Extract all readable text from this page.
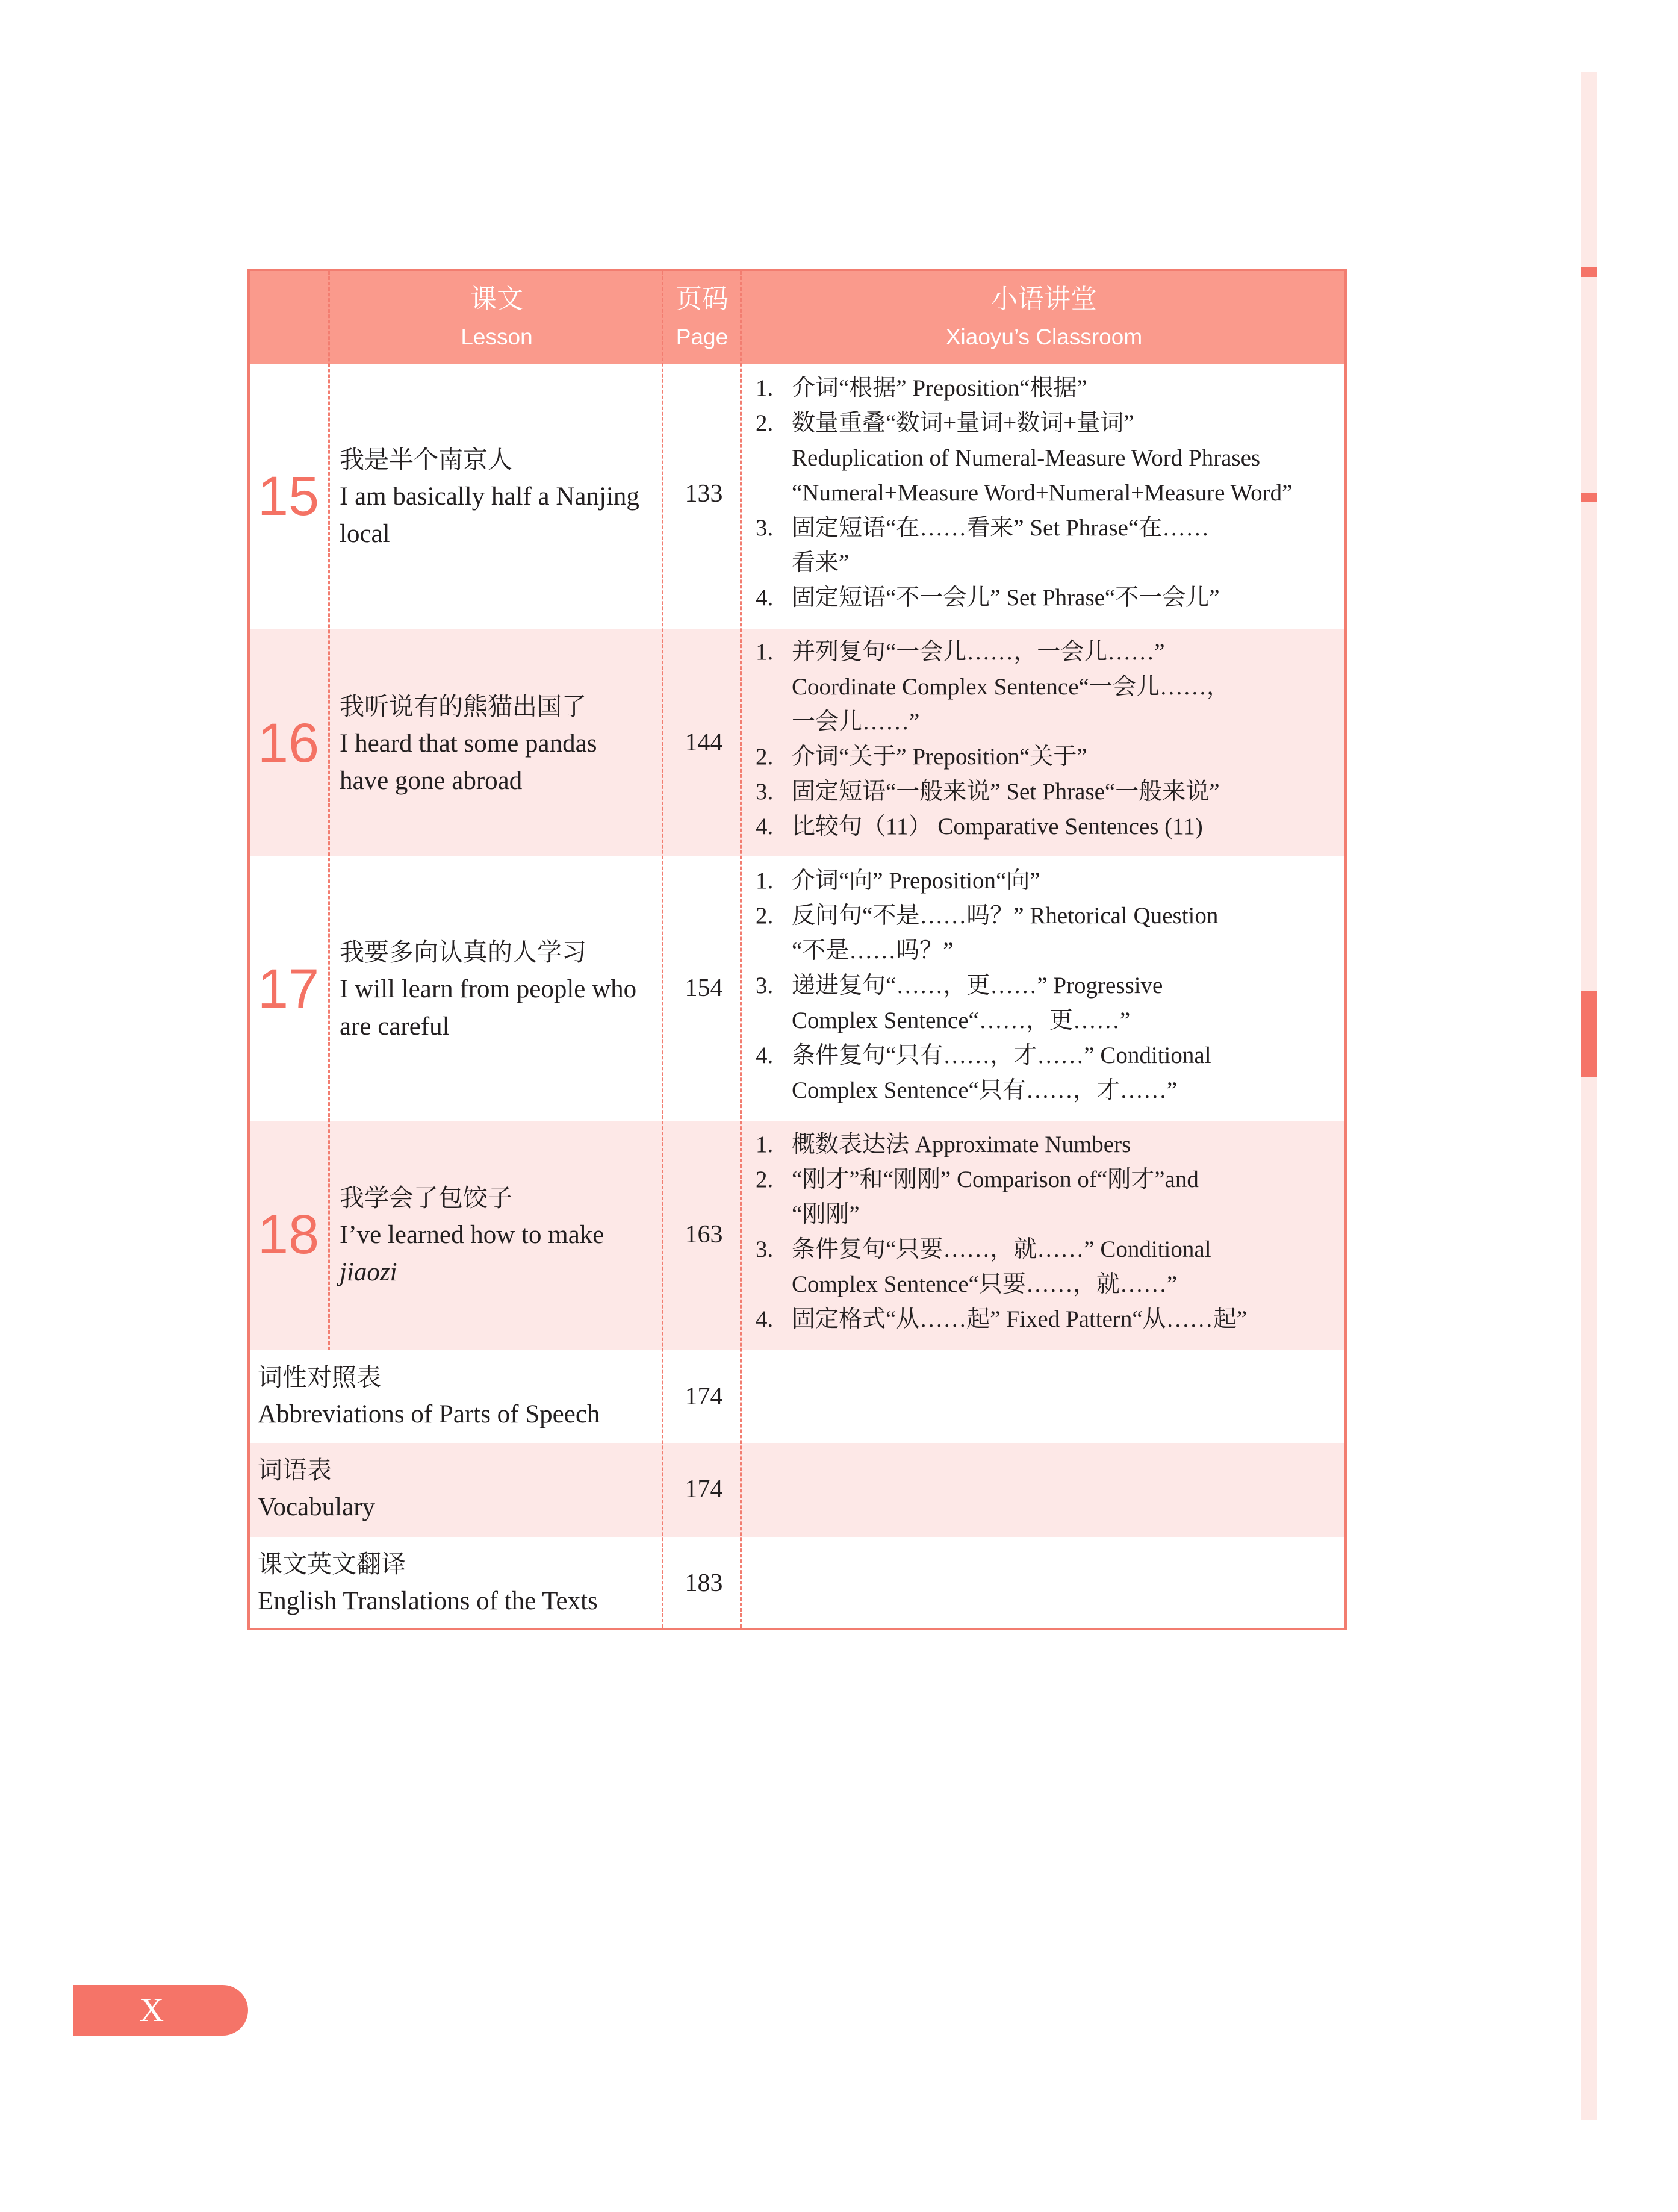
课文
Lesson
页码
Page
小语讲堂
Xiaoyu’s Classroom
15
我是半个南京人
I am basically half a Nanjing
local
133
1. 介词“根据” Preposition“根据”
2. 数量重叠“数词+量词+数词+量词”
Reduplication of Numeral-Measure Word Phrases
“Numeral+Measure Word+Numeral+Measure Word”
3. 固定短语“在……看来” Set Phrase“在……
看来”
4. 固定短语“不一会儿” Set Phrase“不一会儿”
16
我听说有的熊猫出国了
I heard that some pandas
have gone abroad
144
1. 并列复句“一会儿……，一会儿……”
Coordinate Complex Sentence“一会儿……，
一会儿……”
2. 介词“关于” Preposition“关于”
3. 固定短语“一般来说” Set Phrase“一般来说”
4. 比较句（11） Comparative Sentences (11)
17
我要多向认真的人学习
I will learn from people who
are careful
154
1. 介词“向” Preposition“向”
2. 反问句“不是……吗？” Rhetorical Question
“不是……吗？”
3. 递进复句“……，更……” Progressive
Complex Sentence“……，更……”
4. 条件复句“只有……，才……” Conditional
Complex Sentence“只有……，才……”
18
我学会了包饺子
I’ve learned how to make
jiaozi
163
1. 概数表达法 Approximate Numbers
2. “刚才”和“刚刚” Comparison of“刚才”and
“刚刚”
3. 条件复句“只要……，就……” Conditional
Complex Sentence“只要……，就……”
4. 固定格式“从……起” Fixed Pattern“从……起”
词性对照表
Abbreviations of Parts of Speech
174
词语表
Vocabulary
174
课文英文翻译
English Translations of the Texts
183
X
